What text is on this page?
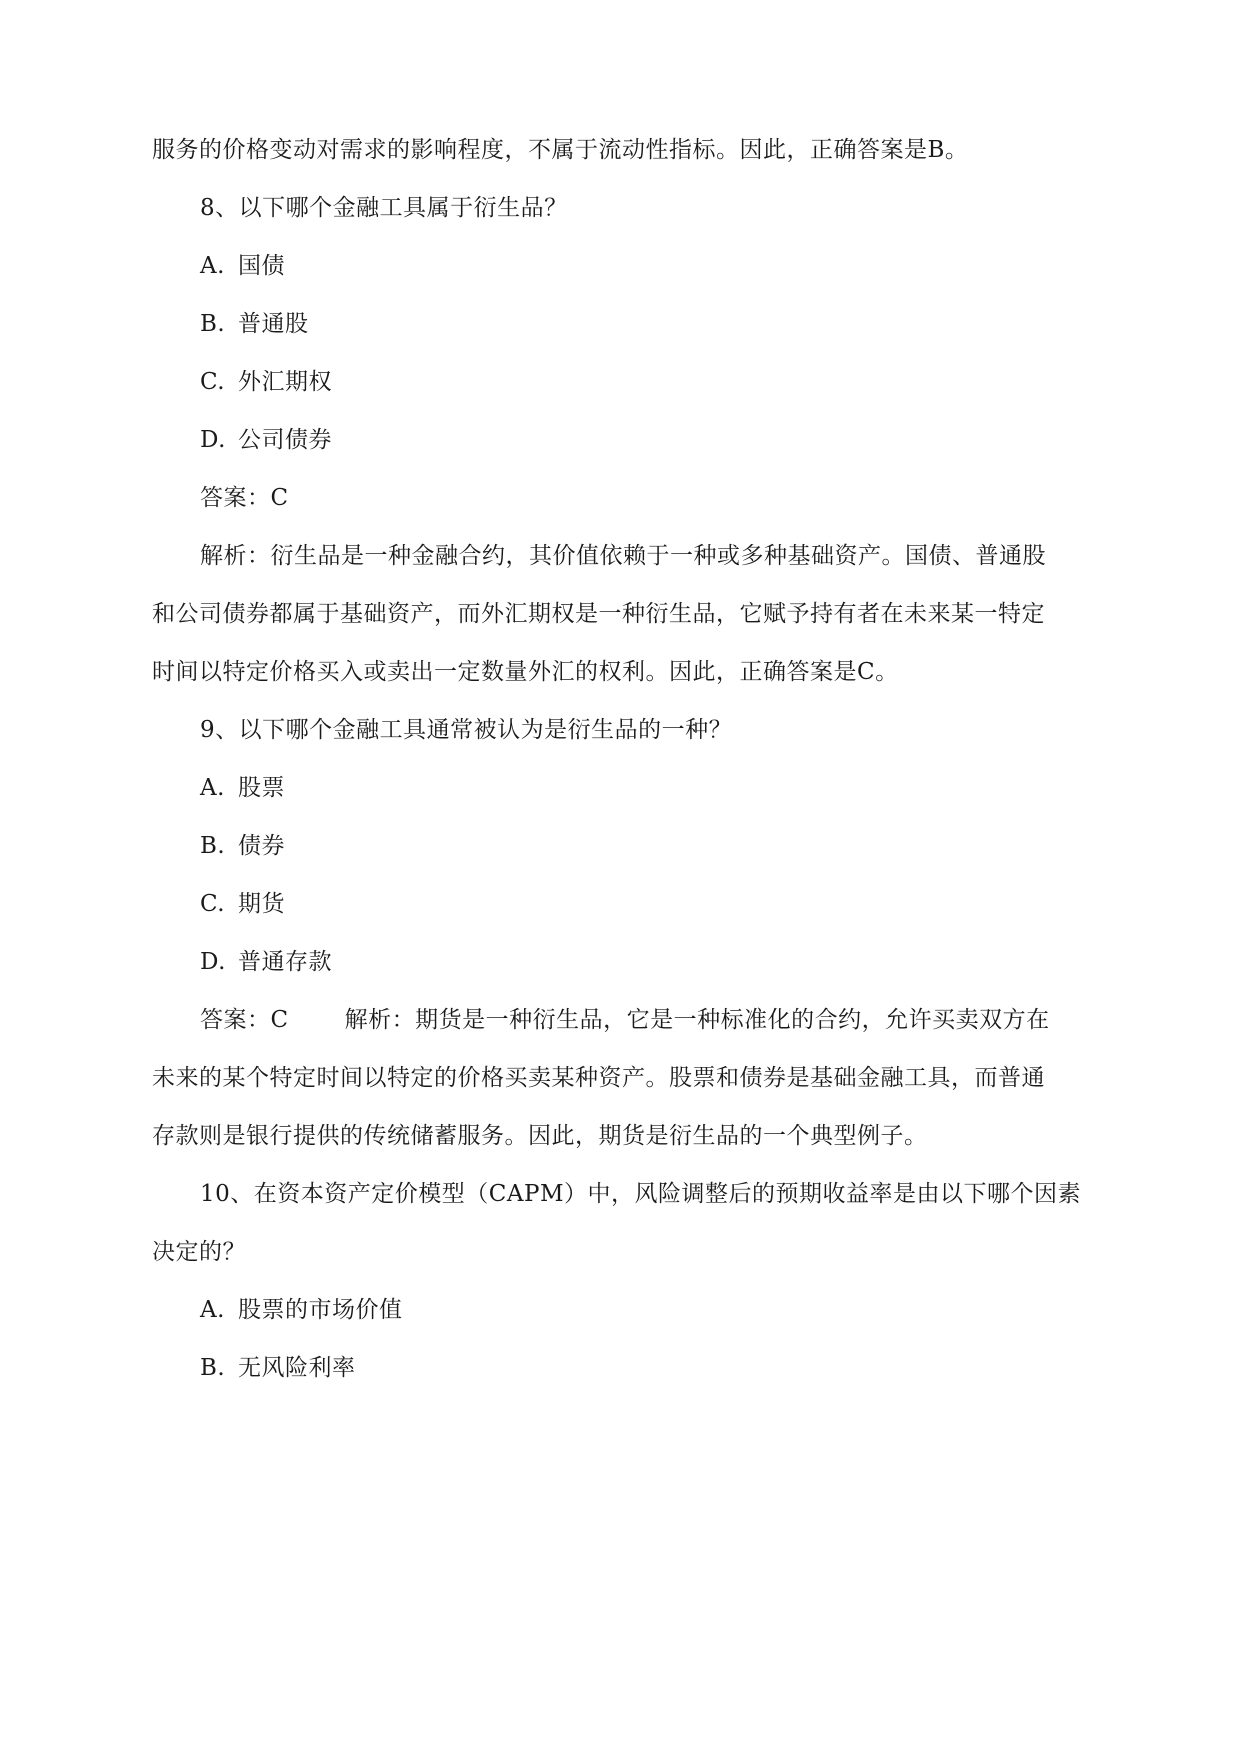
服务的价格变动对需求的影响程度，不属于流动性指标。因此，正确答案是B。
8、以下哪个金融工具属于衍生品？
A. 国债
B. 普通股
C. 外汇期权
D. 公司债券
答案：C
解析：衍生品是一种金融合约，其价值依赖于一种或多种基础资产。国债、普通股
和公司债券都属于基础资产，而外汇期权是一种衍生品，它赋予持有者在未来某一特定
时间以特定价格买入或卖出一定数量外汇的权利。因此，正确答案是C。
9、以下哪个金融工具通常被认为是衍生品的一种？
A. 股票
B. 债券
C. 期货
D. 普通存款
答案：C 解析：期货是一种衍生品，它是一种标准化的合约，允许买卖双方在
未来的某个特定时间以特定的价格买卖某种资产。股票和债券是基础金融工具，而普通
存款则是银行提供的传统储蓄服务。因此，期货是衍生品的一个典型例子。
10、在资本资产定价模型（CAPM）中，风险调整后的预期收益率是由以下哪个因素
决定的？
A. 股票的市场价值
B. 无风险利率
